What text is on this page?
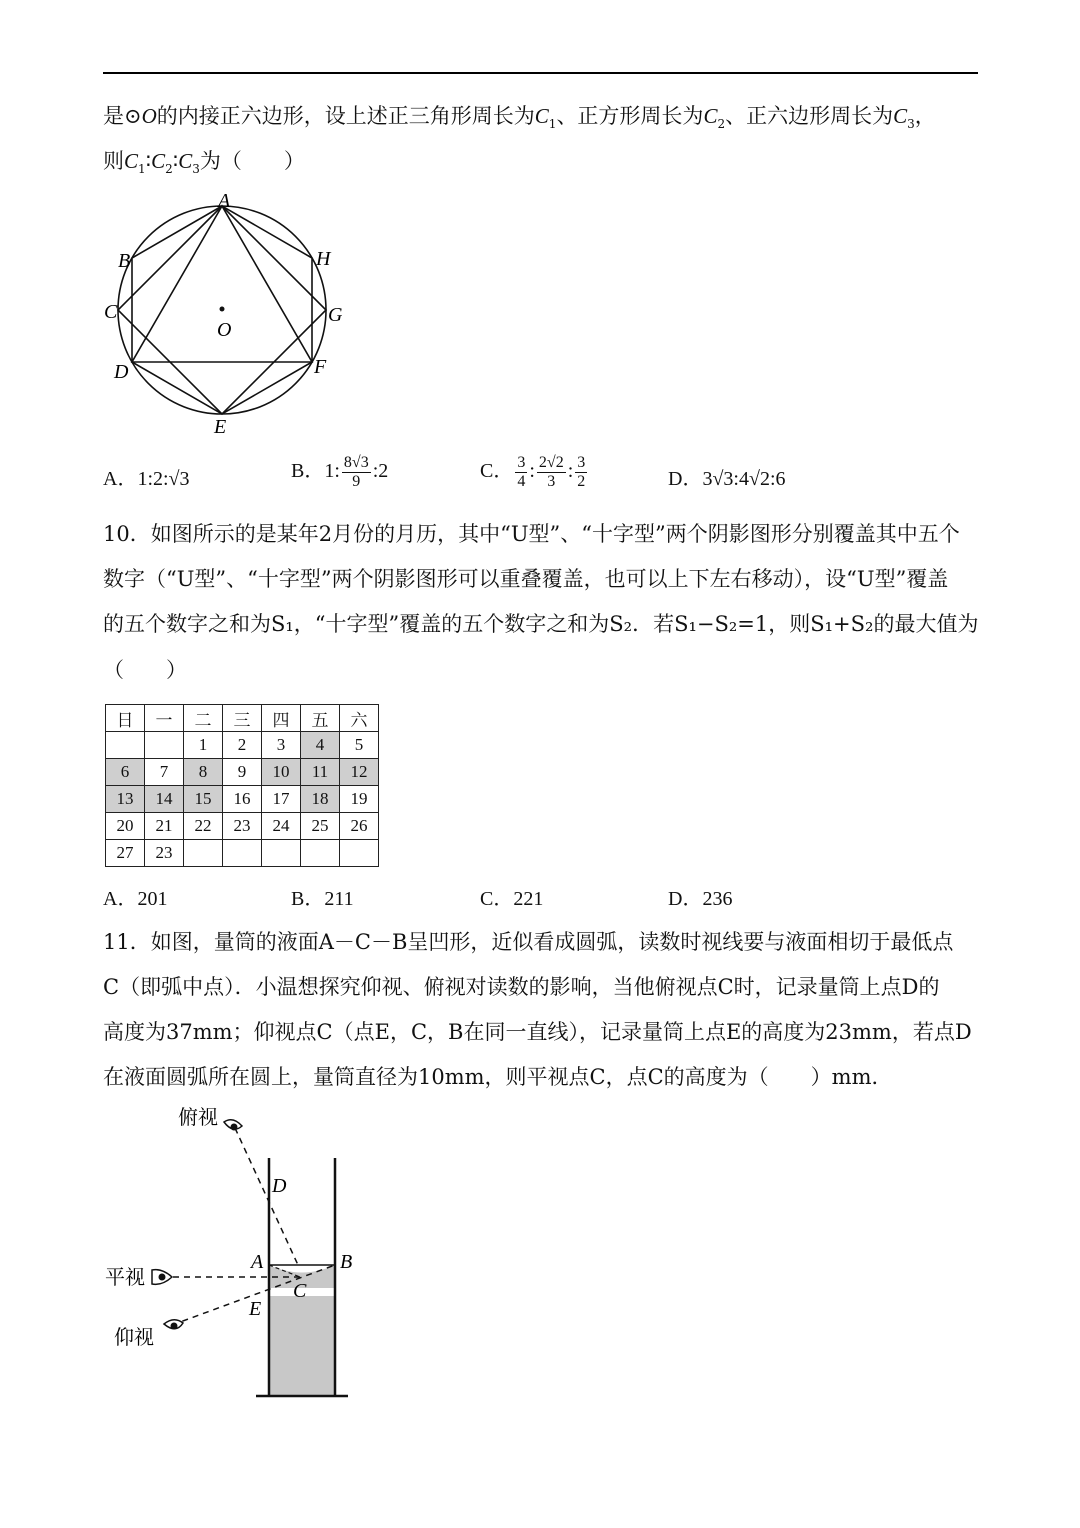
是⊙O的内接正六边形，设上述正三角形周长为$C_1$、正方形周长为$C_2$、正六边形周长为$C_3$，
则$C_1∶C_2∶C_3$为（　　）
A
B
C
D
E
F
G
H
O
A．1:2:√3	B．1: $\frac{8√3}{9}$ :2	C． $\frac{3}{4}$ : $\frac{2√2}{3}$ : $\frac{3}{2}$	D．3√3:4√2:6
10．如图所示的是某年2月份的月历，其中“U型”、“十字型”两个阴影图形分别覆盖其中五个
数字（“U型”、“十字型”两个阴影图形可以重叠覆盖，也可以上下左右移动），设“U型”覆盖
的五个数字之和为S₁，“十字型”覆盖的五个数字之和为S₂．若S₁−S₂=1，则S₁+S₂的最大值为
（　　）
日	一	二	三	四	五	六
		1	2	3	4	5
6	7	8	9	10	11	12
13	14	15	16	17	18	19
20	21	22	23	24	25	26
27	23					
A．201	B．211	C．221	D．236
11．如图，量筒的液面A－C－B呈凹形，近似看成圆弧，读数时视线要与液面相切于最低点
C（即弧中点）．小温想探究仰视、俯视对读数的影响，当他俯视点C时，记录量筒上点D的
高度为37mm；仰视点C（点E，C，B在同一直线），记录量筒上点E的高度为23mm，若点D
在液面圆弧所在圆上，量筒直径为10mm，则平视点C，点C的高度为（　　）mm．
俯视
平视
仰视
D
A	B
C
E
